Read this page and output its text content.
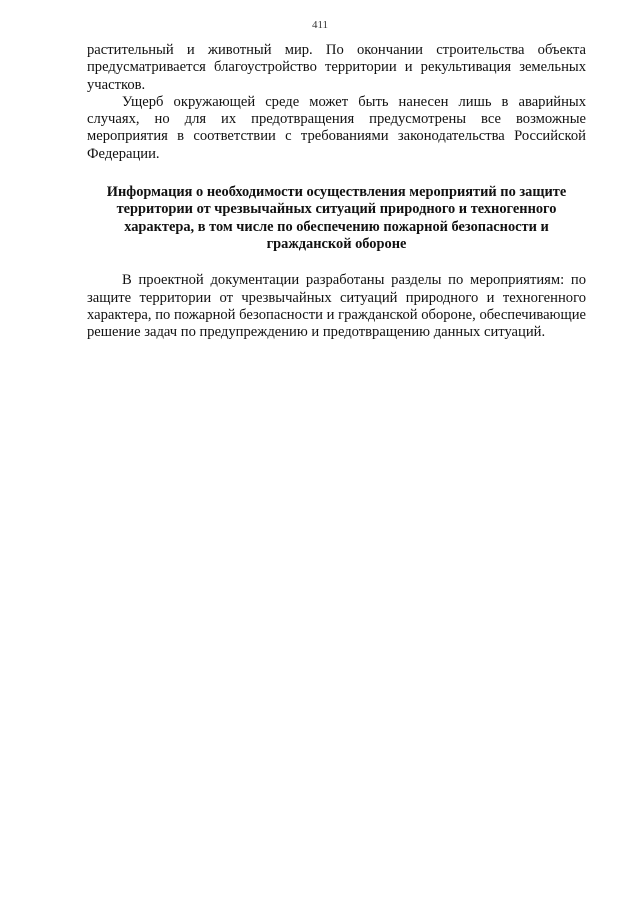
411

растительный и животный мир. По окончании строительства объекта предусматривается благоустройство территории и рекультивация земельных участков.

Ущерб окружающей среде может быть нанесен лишь в аварийных случаях, но для их предотвращения предусмотрены все возможные мероприятия в соответствии с требованиями законодательства Российской Федерации.

Информация о необходимости осуществления мероприятий по защите территории от чрезвычайных ситуаций природного и техногенного характера, в том числе по обеспечению пожарной безопасности и гражданской обороне

В проектной документации разработаны разделы по мероприятиям: по защите территории от чрезвычайных ситуаций природного и техногенного характера, по пожарной безопасности и гражданской обороне, обеспечивающие решение задач по предупреждению и предотвращению данных ситуаций.
